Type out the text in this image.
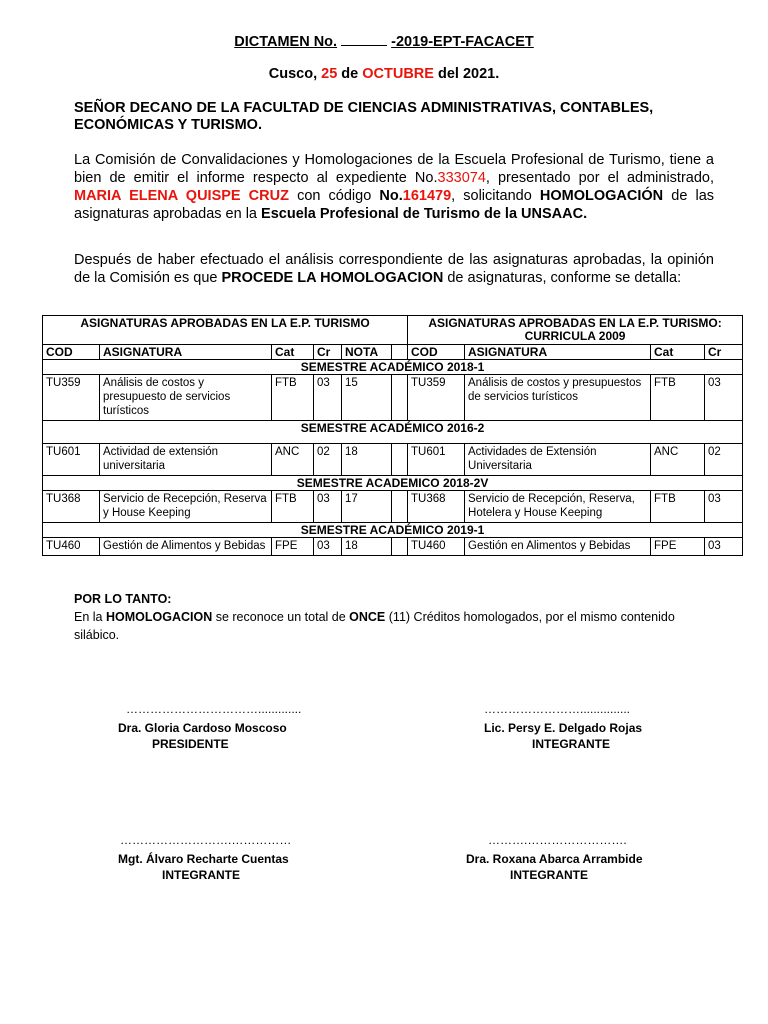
DICTAMEN No.	-2019-EPT-FACACET
Cusco, 25 de OCTUBRE del 2021.
SEÑOR DECANO DE LA FACULTAD DE CIENCIAS ADMINISTRATIVAS, CONTABLES, ECONÓMICAS Y TURISMO.
La Comisión de Convalidaciones y Homologaciones de la Escuela Profesional de Turismo, tiene a bien de emitir el informe respecto al expediente No.333074, presentado por el administrado, MARIA ELENA QUISPE CRUZ con código No.161479, solicitando HOMOLOGACIÓN de las asignaturas aprobadas en la Escuela Profesional de Turismo de la UNSAAC.
Después de haber efectuado el análisis correspondiente de las asignaturas aprobadas, la opinión de la Comisión es que PROCEDE LA HOMOLOGACION de asignaturas, conforme se detalla:
ASIGNATURAS APROBADAS EN LA E.P. TURISMO						ASIGNATURAS APROBADAS EN LA E.P. TURISMO: CURRICULA 2009			
COD	ASIGNATURA	Cat	Cr	NOTA		COD	ASIGNATURA	Cat	Cr
SEMESTRE ACADÉMICO 2018-1									
TU359	Análisis de costos y presupuesto de servicios turísticos	FTB	03	15		TU359	Análisis de costos y presupuestos de servicios turísticos	FTB	03
SEMESTRE ACADÉMICO 2016-2									
TU601	Actividad de extensión universitaria	ANC	02	18		TU601	Actividades de Extensión Universitaria	ANC	02
SEMESTRE ACADEMICO 2018-2V									
TU368	Servicio de Recepción, Reserva y House Keeping	FTB	03	17		TU368	Servicio de Recepción, Reserva, Hotelera y House Keeping	FTB	03
SEMESTRE ACADÉMICO 2019-1									
TU460	Gestión de Alimentos y Bebidas	FPE	03	18		TU460	Gestión en Alimentos y Bebidas	FPE	03
POR LO TANTO:
En la HOMOLOGACION se reconoce un total de ONCE (11) Créditos homologados, por el mismo contenido silábico.
…………………………….............
Dra. Gloria Cardoso Moscoso
PRESIDENTE
……………………...............
Lic. Persy E. Delgado Rojas
INTEGRANTE
……………………….……………
Mgt. Álvaro Recharte Cuentas
INTEGRANTE
……….…………………….
Dra. Roxana Abarca Arrambide
INTEGRANTE
